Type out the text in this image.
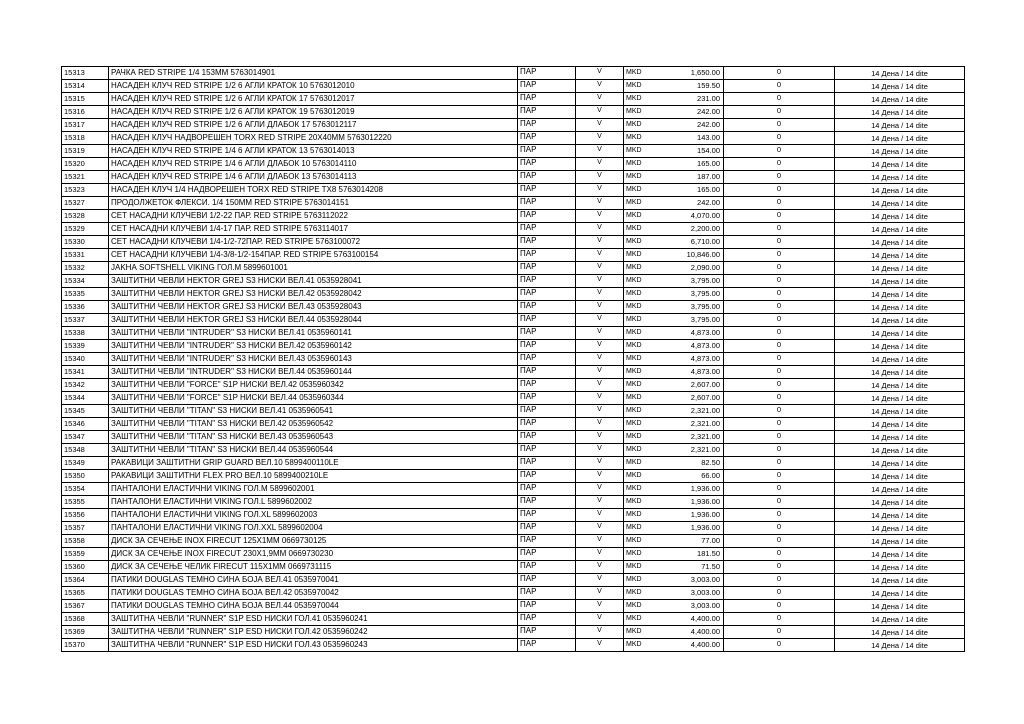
15313	РАЧКА RED STRIPE 1/4 153ММ 5763014901	ПАР	V	MKD	1,650.00	0	14 Дена / 14 dite
15314	НАСАДЕН КЛУЧ RED STRIPE 1/2 6 АГЛИ КРАТОК 10 5763012010	ПАР	V	MKD	159.50	0	14 Дена / 14 dite
15315	НАСАДЕН КЛУЧ RED STRIPE 1/2 6 АГЛИ КРАТОК 17 5763012017	ПАР	V	MKD	231.00	0	14 Дена / 14 dite
15316	НАСАДЕН КЛУЧ RED STRIPE 1/2 6 АГЛИ КРАТОК 19 5763012019	ПАР	V	MKD	242.00	0	14 Дена / 14 dite
15317	НАСАДЕН КЛУЧ RED STRIPE 1/2 6 АГЛИ ДЛАБОК 17 5763012117	ПАР	V	MKD	242.00	0	14 Дена / 14 dite
15318	НАСАДЕН КЛУЧ НАДВОРЕШЕН TORX RED STRIPE 20X40ММ 5763012220	ПАР	V	MKD	143.00	0	14 Дена / 14 dite
15319	НАСАДЕН КЛУЧ RED STRIPE 1/4 6 АГЛИ КРАТОК 13 5763014013	ПАР	V	MKD	154.00	0	14 Дена / 14 dite
15320	НАСАДЕН КЛУЧ RED STRIPE 1/4 6 АГЛИ ДЛАБОК 10 5763014110	ПАР	V	MKD	165.00	0	14 Дена / 14 dite
15321	НАСАДЕН КЛУЧ RED STRIPE 1/4 6 АГЛИ ДЛАБОК 13 5763014113	ПАР	V	MKD	187.00	0	14 Дена / 14 dite
15323	НАСАДЕН КЛУЧ 1/4 НАДВОРЕШЕН TORX RED STRIPE TX8 5763014208	ПАР	V	MKD	165.00	0	14 Дена / 14 dite
15327	ПРОДОЛЖЕТОК ФЛЕКСИ. 1/4 150ММ RED STRIPE 5763014151	ПАР	V	MKD	242.00	0	14 Дена / 14 dite
15328	СЕТ НАСАДНИ КЛУЧЕВИ 1/2-22 ПАР. RED STRIPE 5763112022	ПАР	V	MKD	4,070.00	0	14 Дена / 14 dite
15329	СЕТ НАСАДНИ КЛУЧЕВИ 1/4-17 ПАР. RED STRIPE 5763114017	ПАР	V	MKD	2,200.00	0	14 Дена / 14 dite
15330	СЕТ НАСАДНИ КЛУЧЕВИ 1/4-1/2-72ПАР. RED STRIPE 5763100072	ПАР	V	MKD	6,710.00	0	14 Дена / 14 dite
15331	СЕТ НАСАДНИ КЛУЧЕВИ 1/4-3/8-1/2-154ПАР. RED STRIPE 5763100154	ПАР	V	MKD	10,846.00	0	14 Дена / 14 dite
15332	JAKНА SOFTSHELL VIKING ГОЛ.М 5899601001	ПАР	V	MKD	2,090.00	0	14 Дена / 14 dite
15334	ЗАШТИТНИ ЧЕВЛИ HEKTOR GREJ S3 НИСКИ ВЕЛ.41 0535928041	ПАР	V	MKD	3,795.00	0	14 Дена / 14 dite
15335	ЗАШТИТНИ ЧЕВЛИ HEKTOR GREJ S3 НИСКИ ВЕЛ.42 0535928042	ПАР	V	MKD	3,795.00	0	14 Дена / 14 dite
15336	ЗАШТИТНИ ЧЕВЛИ HEKTOR GREJ S3 НИСКИ ВЕЛ.43 0535928043	ПАР	V	MKD	3,795.00	0	14 Дена / 14 dite
15337	ЗАШТИТНИ ЧЕВЛИ HEKTOR GREJ S3 НИСКИ ВЕЛ.44 0535928044	ПАР	V	MKD	3,795.00	0	14 Дена / 14 dite
15338	ЗАШТИТНИ ЧЕВЛИ "INTRUDER" S3 НИСКИ ВЕЛ.41 0535960141	ПАР	V	MKD	4,873.00	0	14 Дена / 14 dite
15339	ЗАШТИТНИ ЧЕВЛИ "INTRUDER" S3 НИСКИ ВЕЛ.42 0535960142	ПАР	V	MKD	4,873.00	0	14 Дена / 14 dite
15340	ЗАШТИТНИ ЧЕВЛИ "INTRUDER" S3 НИСКИ ВЕЛ.43 0535960143	ПАР	V	MKD	4,873.00	0	14 Дена / 14 dite
15341	ЗАШТИТНИ ЧЕВЛИ "INTRUDER" S3 НИСКИ ВЕЛ.44 0535960144	ПАР	V	MKD	4,873.00	0	14 Дена / 14 dite
15342	ЗАШТИТНИ ЧЕВЛИ "FORCE" S1P НИСКИ ВЕЛ.42 0535960342	ПАР	V	MKD	2,607.00	0	14 Дена / 14 dite
15344	ЗАШТИТНИ ЧЕВЛИ "FORCE" S1P НИСКИ ВЕЛ.44 0535960344	ПАР	V	MKD	2,607.00	0	14 Дена / 14 dite
15345	ЗАШТИТНИ ЧЕВЛИ "TITAN" S3 НИСКИ ВЕЛ.41 0535960541	ПАР	V	MKD	2,321.00	0	14 Дена / 14 dite
15346	ЗАШТИТНИ ЧЕВЛИ "TITAN" S3 НИСКИ ВЕЛ.42 0535960542	ПАР	V	MKD	2,321.00	0	14 Дена / 14 dite
15347	ЗАШТИТНИ ЧЕВЛИ "TITAN" S3 НИСКИ ВЕЛ.43 0535960543	ПАР	V	MKD	2,321.00	0	14 Дена / 14 dite
15348	ЗАШТИТНИ ЧЕВЛИ "TITAN" S3 НИСКИ ВЕЛ.44 0535960544	ПАР	V	MKD	2,321.00	0	14 Дена / 14 dite
15349	РАКАВИЦИ ЗАШТИТНИ GRIP GUARD ВЕЛ.10 5899400110LE	ПАР	V	MKD	82.50	0	14 Дена / 14 dite
15350	РАКАВИЦИ ЗАШТИТНИ FLEX PRO ВЕЛ.10 5899400210LE	ПАР	V	MKD	66.00	0	14 Дена / 14 dite
15354	ПАНТАЛОНИ ЕЛАСТИЧНИ VIKING ГОЛ.М 5899602001	ПАР	V	MKD	1,936.00	0	14 Дена / 14 dite
15355	ПАНТАЛОНИ ЕЛАСТИЧНИ VIKING ГОЛ.L 5899602002	ПАР	V	MKD	1,936.00	0	14 Дена / 14 dite
15356	ПАНТАЛОНИ ЕЛАСТИЧНИ VIKING ГОЛ.XL 5899602003	ПАР	V	MKD	1,936.00	0	14 Дена / 14 dite
15357	ПАНТАЛОНИ ЕЛАСТИЧНИ VIKING ГОЛ.XXL 5899602004	ПАР	V	MKD	1,936.00	0	14 Дена / 14 dite
15358	ДИСК ЗА СЕЧЕЊЕ INOX FIRECUT 125X1ММ 0669730125	ПАР	V	MKD	77.00	0	14 Дена / 14 dite
15359	ДИСК ЗА СЕЧЕЊЕ INOX FIRECUT 230X1,9ММ 0669730230	ПАР	V	MKD	181.50	0	14 Дена / 14 dite
15360	ДИСК ЗА СЕЧЕЊЕ ЧЕЛИК FIRECUT 115X1ММ 0669731115	ПАР	V	MKD	71.50	0	14 Дена / 14 dite
15364	ПАТИКИ DOUGLAS ТЕМНО СИНА БОЈА ВЕЛ.41 0535970041	ПАР	V	MKD	3,003.00	0	14 Дена / 14 dite
15365	ПАТИКИ DOUGLAS ТЕМНО СИНА БОЈА ВЕЛ.42 0535970042	ПАР	V	MKD	3,003.00	0	14 Дена / 14 dite
15367	ПАТИКИ DOUGLAS ТЕМНО СИНА БОЈА ВЕЛ.44 0535970044	ПАР	V	MKD	3,003.00	0	14 Дена / 14 dite
15368	ЗАШТИТНА ЧЕВЛИ "RUNNER" S1P ESD НИСКИ ГОЛ.41 0535960241	ПАР	V	MKD	4,400.00	0	14 Дена / 14 dite
15369	ЗАШТИТНА ЧЕВЛИ "RUNNER" S1P ESD НИСКИ ГОЛ.42 0535960242	ПАР	V	MKD	4,400.00	0	14 Дена / 14 dite
15370	ЗАШТИТНА ЧЕВЛИ "RUNNER" S1P ESD НИСКИ ГОЛ.43 0535960243	ПАР	V	MKD	4,400.00	0	14 Дена / 14 dite
